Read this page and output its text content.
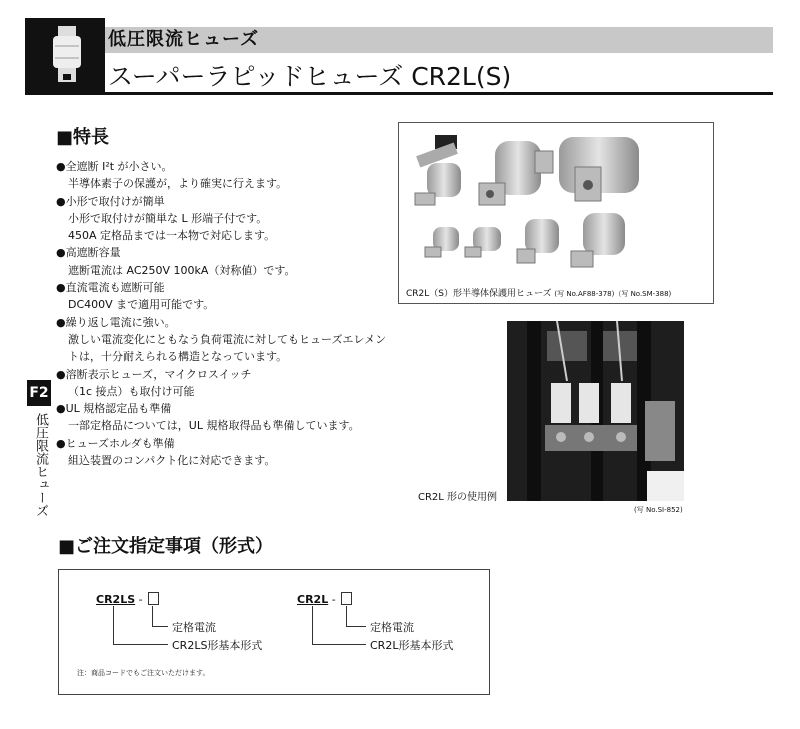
低圧限流ヒューズ
スーパーラピッドヒューズ CR2L(S)
F2
低圧限流ヒューズ
■特長
●全遮断 I²t が小さい。
半導体素子の保護が，より確実に行えます。
●小形で取付けが簡単
小形で取付けが簡単な L 形端子付です。
450A 定格品までは一本物で対応します。
●高遮断容量
遮断電流は AC250V 100kA（対称値）です。
●直流電流も遮断可能
DC400V まで適用可能です。
●繰り返し電流に強い。
激しい電流変化にともなう負荷電流に対してもヒューズエレメン
トは，十分耐えられる構造となっています。
●溶断表示ヒューズ，マイクロスイッチ
（1c 接点）も取付け可能
●UL 規格認定品も準備
一部定格品については，UL 規格取得品も準備しています。
●ヒューズホルダも準備
組込装置のコンパクト化に対応できます。
CR2L（S）形半導体保護用ヒューズ (写 No.AF88-378)（写 No.SM-388)
CR2L 形の使用例
(写 No.SI-852)
■ご注文指定事項（形式）
CR2LS -
定格電流
CR2LS形基本形式
CR2L -
定格電流
CR2L形基本形式
注：商品コードでもご注文いただけます。
